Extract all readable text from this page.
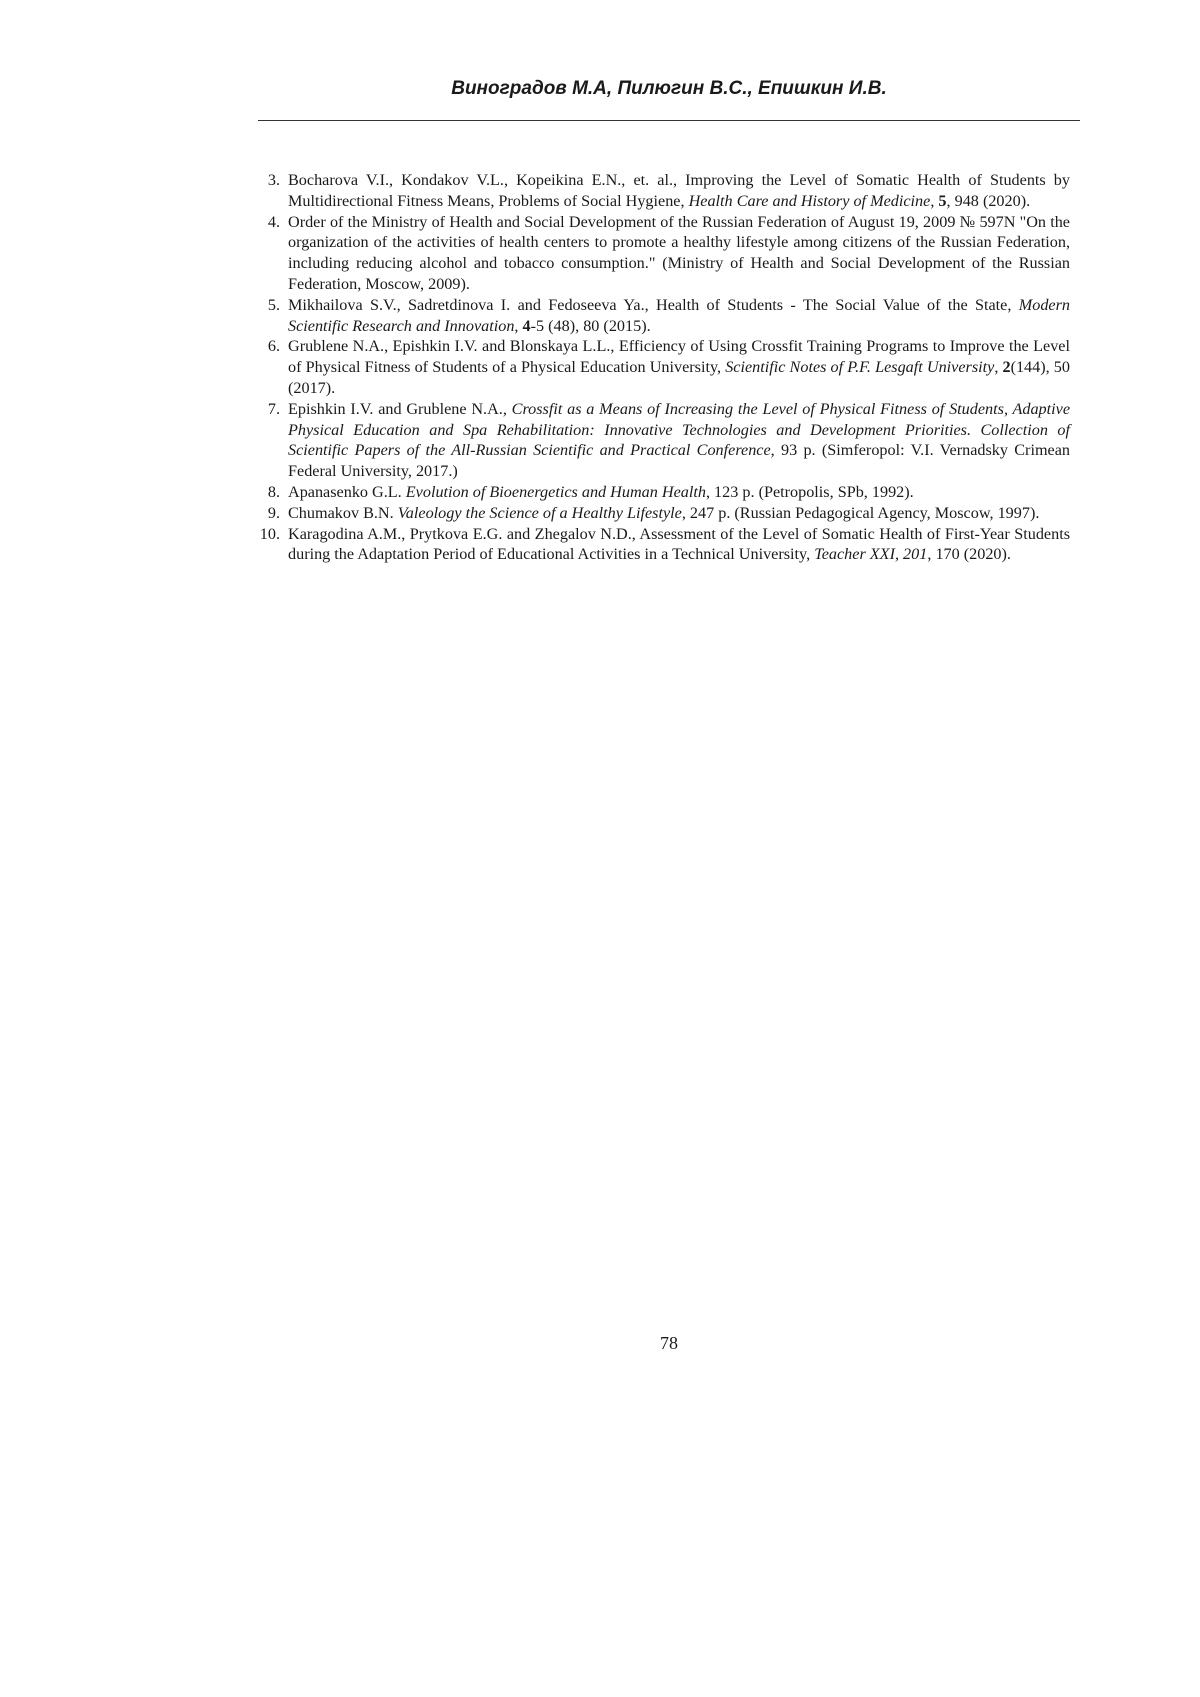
Виноградов М.А, Пилюгин В.С., Епишкин И.В.
3. Bocharova V.I., Kondakov V.L., Kopeikina E.N., et. al., Improving the Level of Somatic Health of Students by Multidirectional Fitness Means, Problems of Social Hygiene, Health Care and History of Medicine, 5, 948 (2020).
4. Order of the Ministry of Health and Social Development of the Russian Federation of August 19, 2009 № 597N "On the organization of the activities of health centers to promote a healthy lifestyle among citizens of the Russian Federation, including reducing alcohol and tobacco consumption." (Ministry of Health and Social Development of the Russian Federation, Moscow, 2009).
5. Mikhailova S.V., Sadretdinova I. and Fedoseeva Ya., Health of Students - The Social Value of the State, Modern Scientific Research and Innovation, 4-5 (48), 80 (2015).
6. Grublene N.A., Epishkin I.V. and Blonskaya L.L., Efficiency of Using Crossfit Training Programs to Improve the Level of Physical Fitness of Students of a Physical Education University, Scientific Notes of P.F. Lesgaft University, 2(144), 50 (2017).
7. Epishkin I.V. and Grublene N.A., Crossfit as a Means of Increasing the Level of Physical Fitness of Students, Adaptive Physical Education and Spa Rehabilitation: Innovative Technologies and Development Priorities. Collection of Scientific Papers of the All-Russian Scientific and Practical Conference, 93 p. (Simferopol: V.I. Vernadsky Crimean Federal University, 2017.)
8. Apanasenko G.L. Evolution of Bioenergetics and Human Health, 123 p. (Petropolis, SPb, 1992).
9. Chumakov B.N. Valeology the Science of a Healthy Lifestyle, 247 p. (Russian Pedagogical Agency, Moscow, 1997).
10. Karagodina A.M., Prytkova E.G. and Zhegalov N.D., Assessment of the Level of Somatic Health of First-Year Students during the Adaptation Period of Educational Activities in a Technical University, Teacher XXI, 201, 170 (2020).
78
